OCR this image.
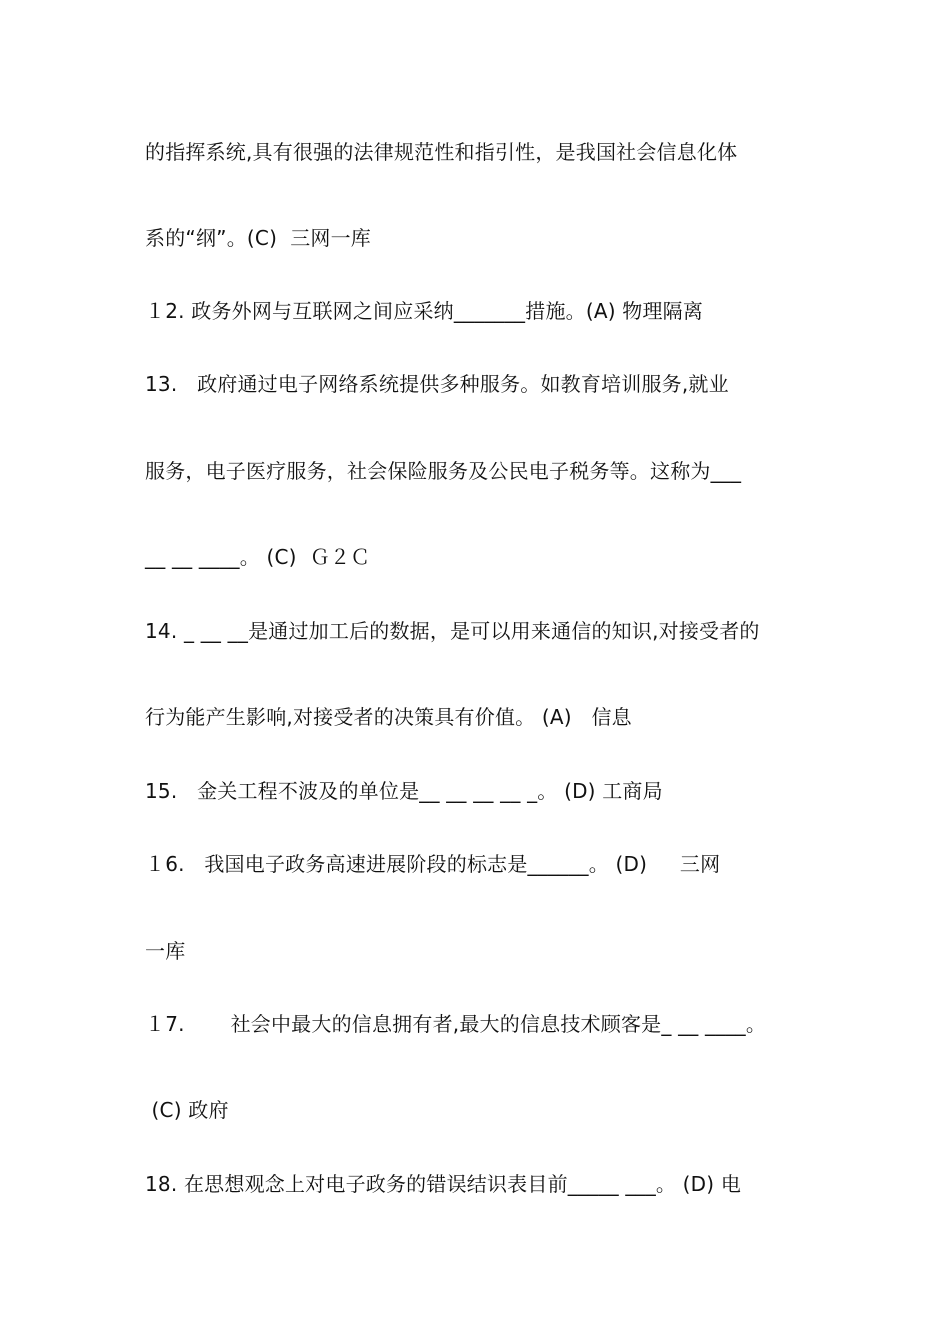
的指挥系统,具有很强的法律规范性和指引性，是我国社会信息化体
系的“纲”。(C)  三网一库
１2. 政务外网与互联网之间应采纳_______措施。(A) 物理隔离
13.   政府通过电子网络系统提供多种服务。如教育培训服务,就业
服务，电子医疗服务，社会保险服务及公民电子税务等。这称为___
__ __ ____。 (C)  Ｇ２Ｃ
14. _ __ __是通过加工后的数据，是可以用来通信的知识,对接受者的
行为能产生影响,对接受者的决策具有价值。 (A)   信息
15.   金关工程不波及的单位是__ __ __ __ _。 (D) 工商局
１6.   我国电子政务高速进展阶段的标志是______。 (D)     三网
一库
１7.       社会中最大的信息拥有者,最大的信息技术顾客是_ __ ____。
(C) 政府
18. 在思想观念上对电子政务的错误结识表目前_____ ___。 (D) 电
